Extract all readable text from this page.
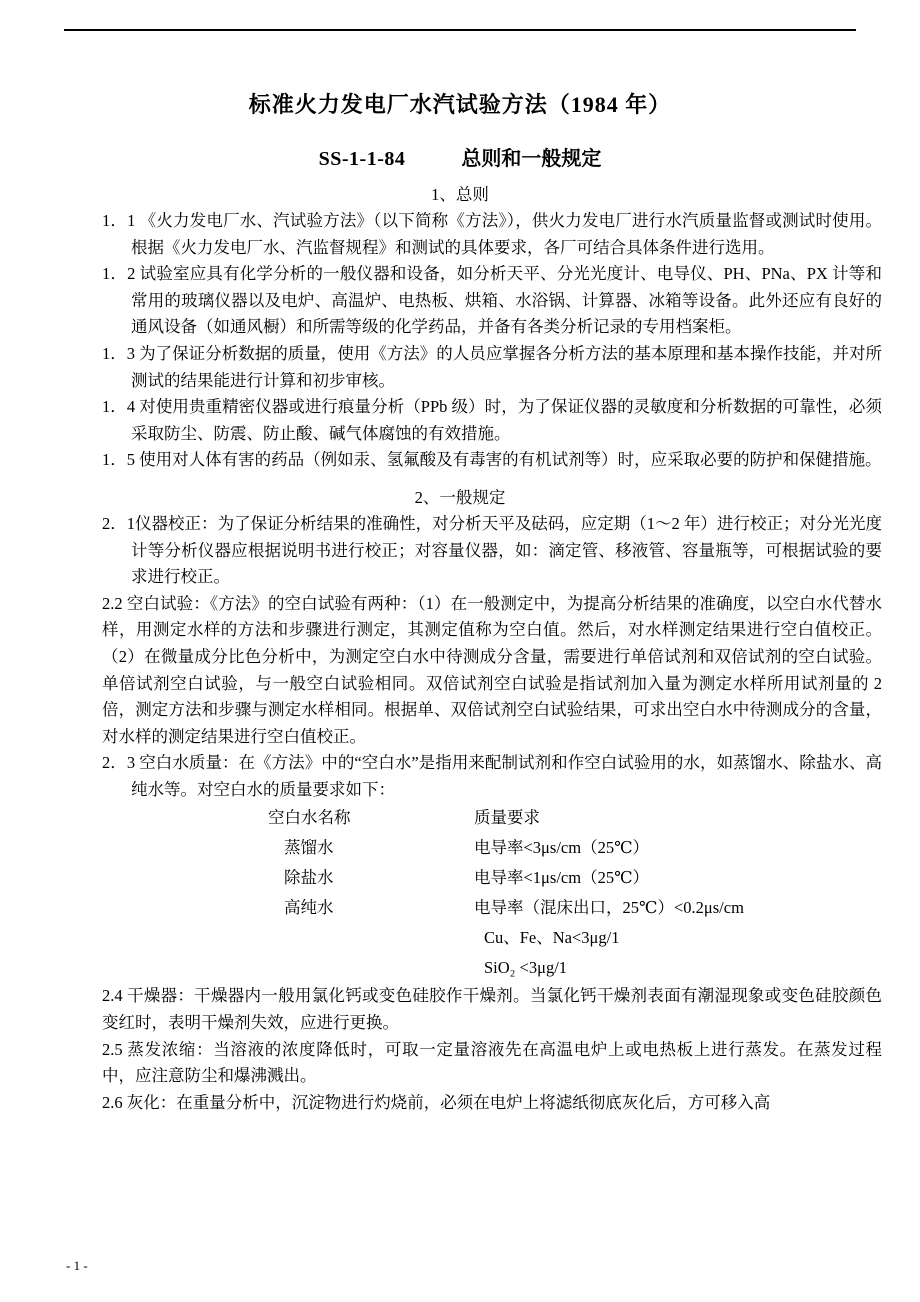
标准火力发电厂水汽试验方法（1984 年）
SS-1-1-84	总则和一般规定
1、总则

1．1 《火力发电厂水、汽试验方法》（以下简称《方法》），供火力发电厂进行水汽质量监督或测试时使用。根据《火力发电厂水、汽监督规程》和测试的具体要求，各厂可结合具体条件进行选用。

1．2 试验室应具有化学分析的一般仪器和设备，如分析天平、分光光度计、电导仪、PH、PNa、PX 计等和常用的玻璃仪器以及电炉、高温炉、电热板、烘箱、水浴锅、计算器、冰箱等设备。此外还应有良好的通风设备（如通风橱）和所需等级的化学药品，并备有各类分析记录的专用档案柜。

1．3 为了保证分析数据的质量，使用《方法》的人员应掌握各分析方法的基本原理和基本操作技能，并对所测试的结果能进行计算和初步审核。

1．4 对使用贵重精密仪器或进行痕量分析（PPb 级）时，为了保证仪器的灵敏度和分析数据的可靠性，必须采取防尘、防震、防止酸、碱气体腐蚀的有效措施。

1．5 使用对人体有害的药品（例如汞、氢氟酸及有毒害的有机试剂等）时，应采取必要的防护和保健措施。

2、一般规定

2．1仪器校正：为了保证分析结果的准确性，对分析天平及砝码，应定期（1～2 年）进行校正；对分光光度计等分析仪器应根据说明书进行校正；对容量仪器，如：滴定管、移液管、容量瓶等，可根据试验的要求进行校正。

2.2 空白试验：《方法》的空白试验有两种：（1）在一般测定中，为提高分析结果的准确度，以空白水代替水样，用测定水样的方法和步骤进行测定，其测定值称为空白值。然后，对水样测定结果进行空白值校正。（2）在微量成分比色分析中，为测定空白水中待测成分含量，需要进行单倍试剂和双倍试剂的空白试验。单倍试剂空白试验，与一般空白试验相同。双倍试剂空白试验是指试剂加入量为测定水样所用试剂量的 2 倍，测定方法和步骤与测定水样相同。根据单、双倍试剂空白试验结果，可求出空白水中待测成分的含量，对水样的测定结果进行空白值校正。

2．3 空白水质量：在《方法》中的“空白水”是指用来配制试剂和作空白试验用的水，如蒸馏水、除盐水、高纯水等。对空白水的质量要求如下：

空白水名称	质量要求
蒸馏水	电导率<3μs/cm（25℃）
除盐水	电导率<1μs/cm（25℃）
高纯水	电导率（混床出口，25℃）<0.2μs/cm
Cu、Fe、Na<3μg/1
SiO₂ <3μg/1

2.4 干燥器：干燥器内一般用氯化钙或变色硅胶作干燥剂。当氯化钙干燥剂表面有潮湿现象或变色硅胶颜色变红时，表明干燥剂失效，应进行更换。

2.5 蒸发浓缩：当溶液的浓度降低时，可取一定量溶液先在高温电炉上或电热板上进行蒸发。在蒸发过程中，应注意防尘和爆沸溅出。

2.6 灰化：在重量分析中，沉淀物进行灼烧前，必须在电炉上将滤纸彻底灰化后，方可移入高

- 1 -
